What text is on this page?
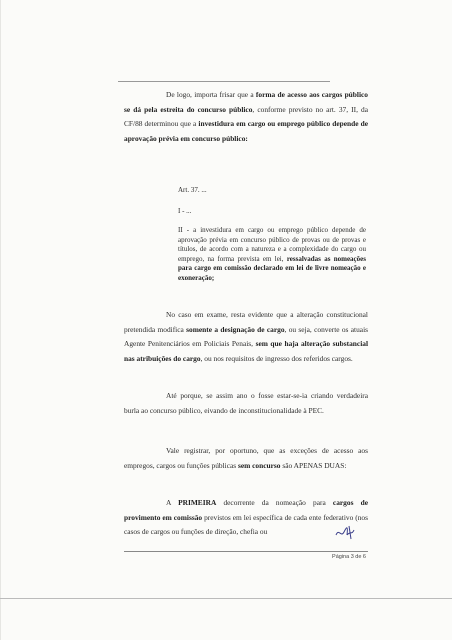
De logo, importa frisar que a forma de acesso aos cargos público se dá pela estreita do concurso público, conforme previsto no art. 37, II, da CF/88 determinou que a investidura em cargo ou emprego público depende de aprovação prévia em concurso público:

Art. 37. ...

I - ...

II - a investidura em cargo ou emprego público depende de aprovação prévia em concurso público de provas ou de provas e títulos, de acordo com a natureza e a complexidade do cargo ou emprego, na forma prevista em lei, ressalvadas as nomeações para cargo em comissão declarado em lei de livre nomeação e exoneração;

No caso em exame, resta evidente que a alteração constitucional pretendida modifica somente a designação de cargo, ou seja, converte os atuais Agente Penitenciários em Policiais Penais, sem que haja alteração substancial nas atribuições do cargo, ou nos requisitos de ingresso dos referidos cargos.

Até porque, se assim ano o fosse estar-se-ia criando verdadeira burla ao concurso público, eivando de inconstitucionalidade à PEC.

Vale registrar, por oportuno, que as exceções de acesso aos empregos, cargos ou funções públicas sem concurso são APENAS DUAS:

A PRIMEIRA decorrente da nomeação para cargos de provimento em comissão previstos em lei específica de cada ente federativo (nos casos de cargos ou funções de direção, chefia ou

Página 3 de 6
